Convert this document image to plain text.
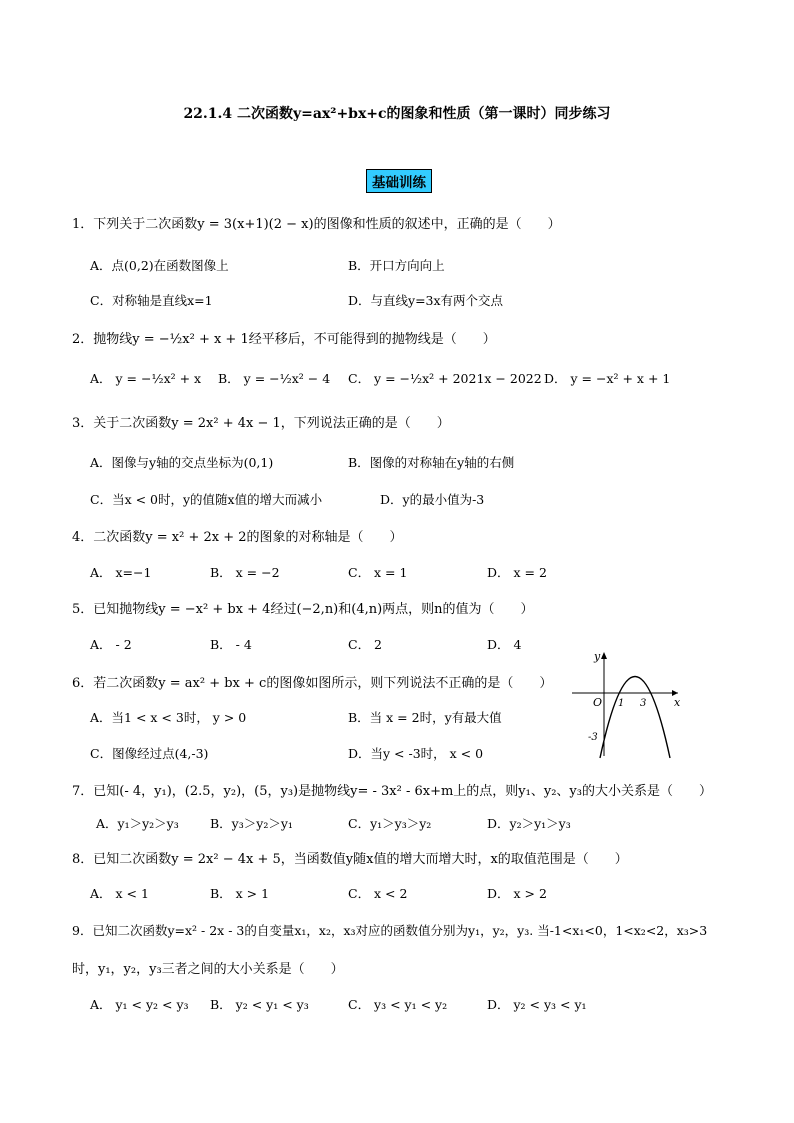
22.1.4 二次函数y=ax²+bx+c的图象和性质（第一课时）同步练习
基础训练
1．下列关于二次函数y = 3(x+1)(2 − x)的图像和性质的叙述中，正确的是（　　）
A．点(0,2)在函数图像上	B．开口方向向上
C．对称轴是直线x=1	D．与直线y=3x有两个交点
2．抛物线y = −½x² + x + 1经平移后，不可能得到的抛物线是（　　）
A． y = −½x² + x B． y = −½x² − 4 C． y = −½x² + 2021x − 2022 D． y = −x² + x + 1
3．关于二次函数y = 2x² + 4x − 1，下列说法正确的是（　　）
A．图像与y轴的交点坐标为(0,1)	B．图像的对称轴在y轴的右侧
C．当x < 0时，y的值随x值的增大而减小	D．y的最小值为-3
4．二次函数y = x² + 2x + 2的图象的对称轴是（　　）
A． x=−1	B． x = −2	C． x = 1	D． x = 2
5．已知抛物线y = −x² + bx + 4经过(−2,n)和(4,n)两点，则n的值为（　　）
A． - 2	B． - 4	C． 2	D． 4
6．若二次函数y = ax² + bx + c的图像如图所示，则下列说法不正确的是（　　）
A．当1 < x < 3时， y > 0	B．当 x = 2时，y有最大值
C．图像经过点(4,-3)	D．当y < -3时， x < 0
y
x
O 1 3
-3
7．已知(- 4，y₁)，(2.5，y₂)，(5，y₃)是抛物线y= - 3x² - 6x+m上的点，则y₁、y₂、y₃的大小关系是（　　）
A．y₁＞y₂＞y₃	B．y₃＞y₂＞y₁	C．y₁＞y₃＞y₂	D．y₂＞y₁＞y₃
8．已知二次函数y = 2x² − 4x + 5，当函数值y随x值的增大而增大时，x的取值范围是（　　）
A． x < 1	B． x > 1	C． x < 2	D． x > 2
9．已知二次函数y=x² - 2x - 3的自变量x₁，x₂，x₃对应的函数值分别为y₁，y₂，y₃. 当-1<x₁<0，1<x₂<2，x₃>3
时，y₁，y₂，y₃三者之间的大小关系是（　　）
A． y₁ < y₂ < y₃ B． y₂ < y₁ < y₃	C． y₃ < y₁ < y₂	D． y₂ < y₃ < y₁
